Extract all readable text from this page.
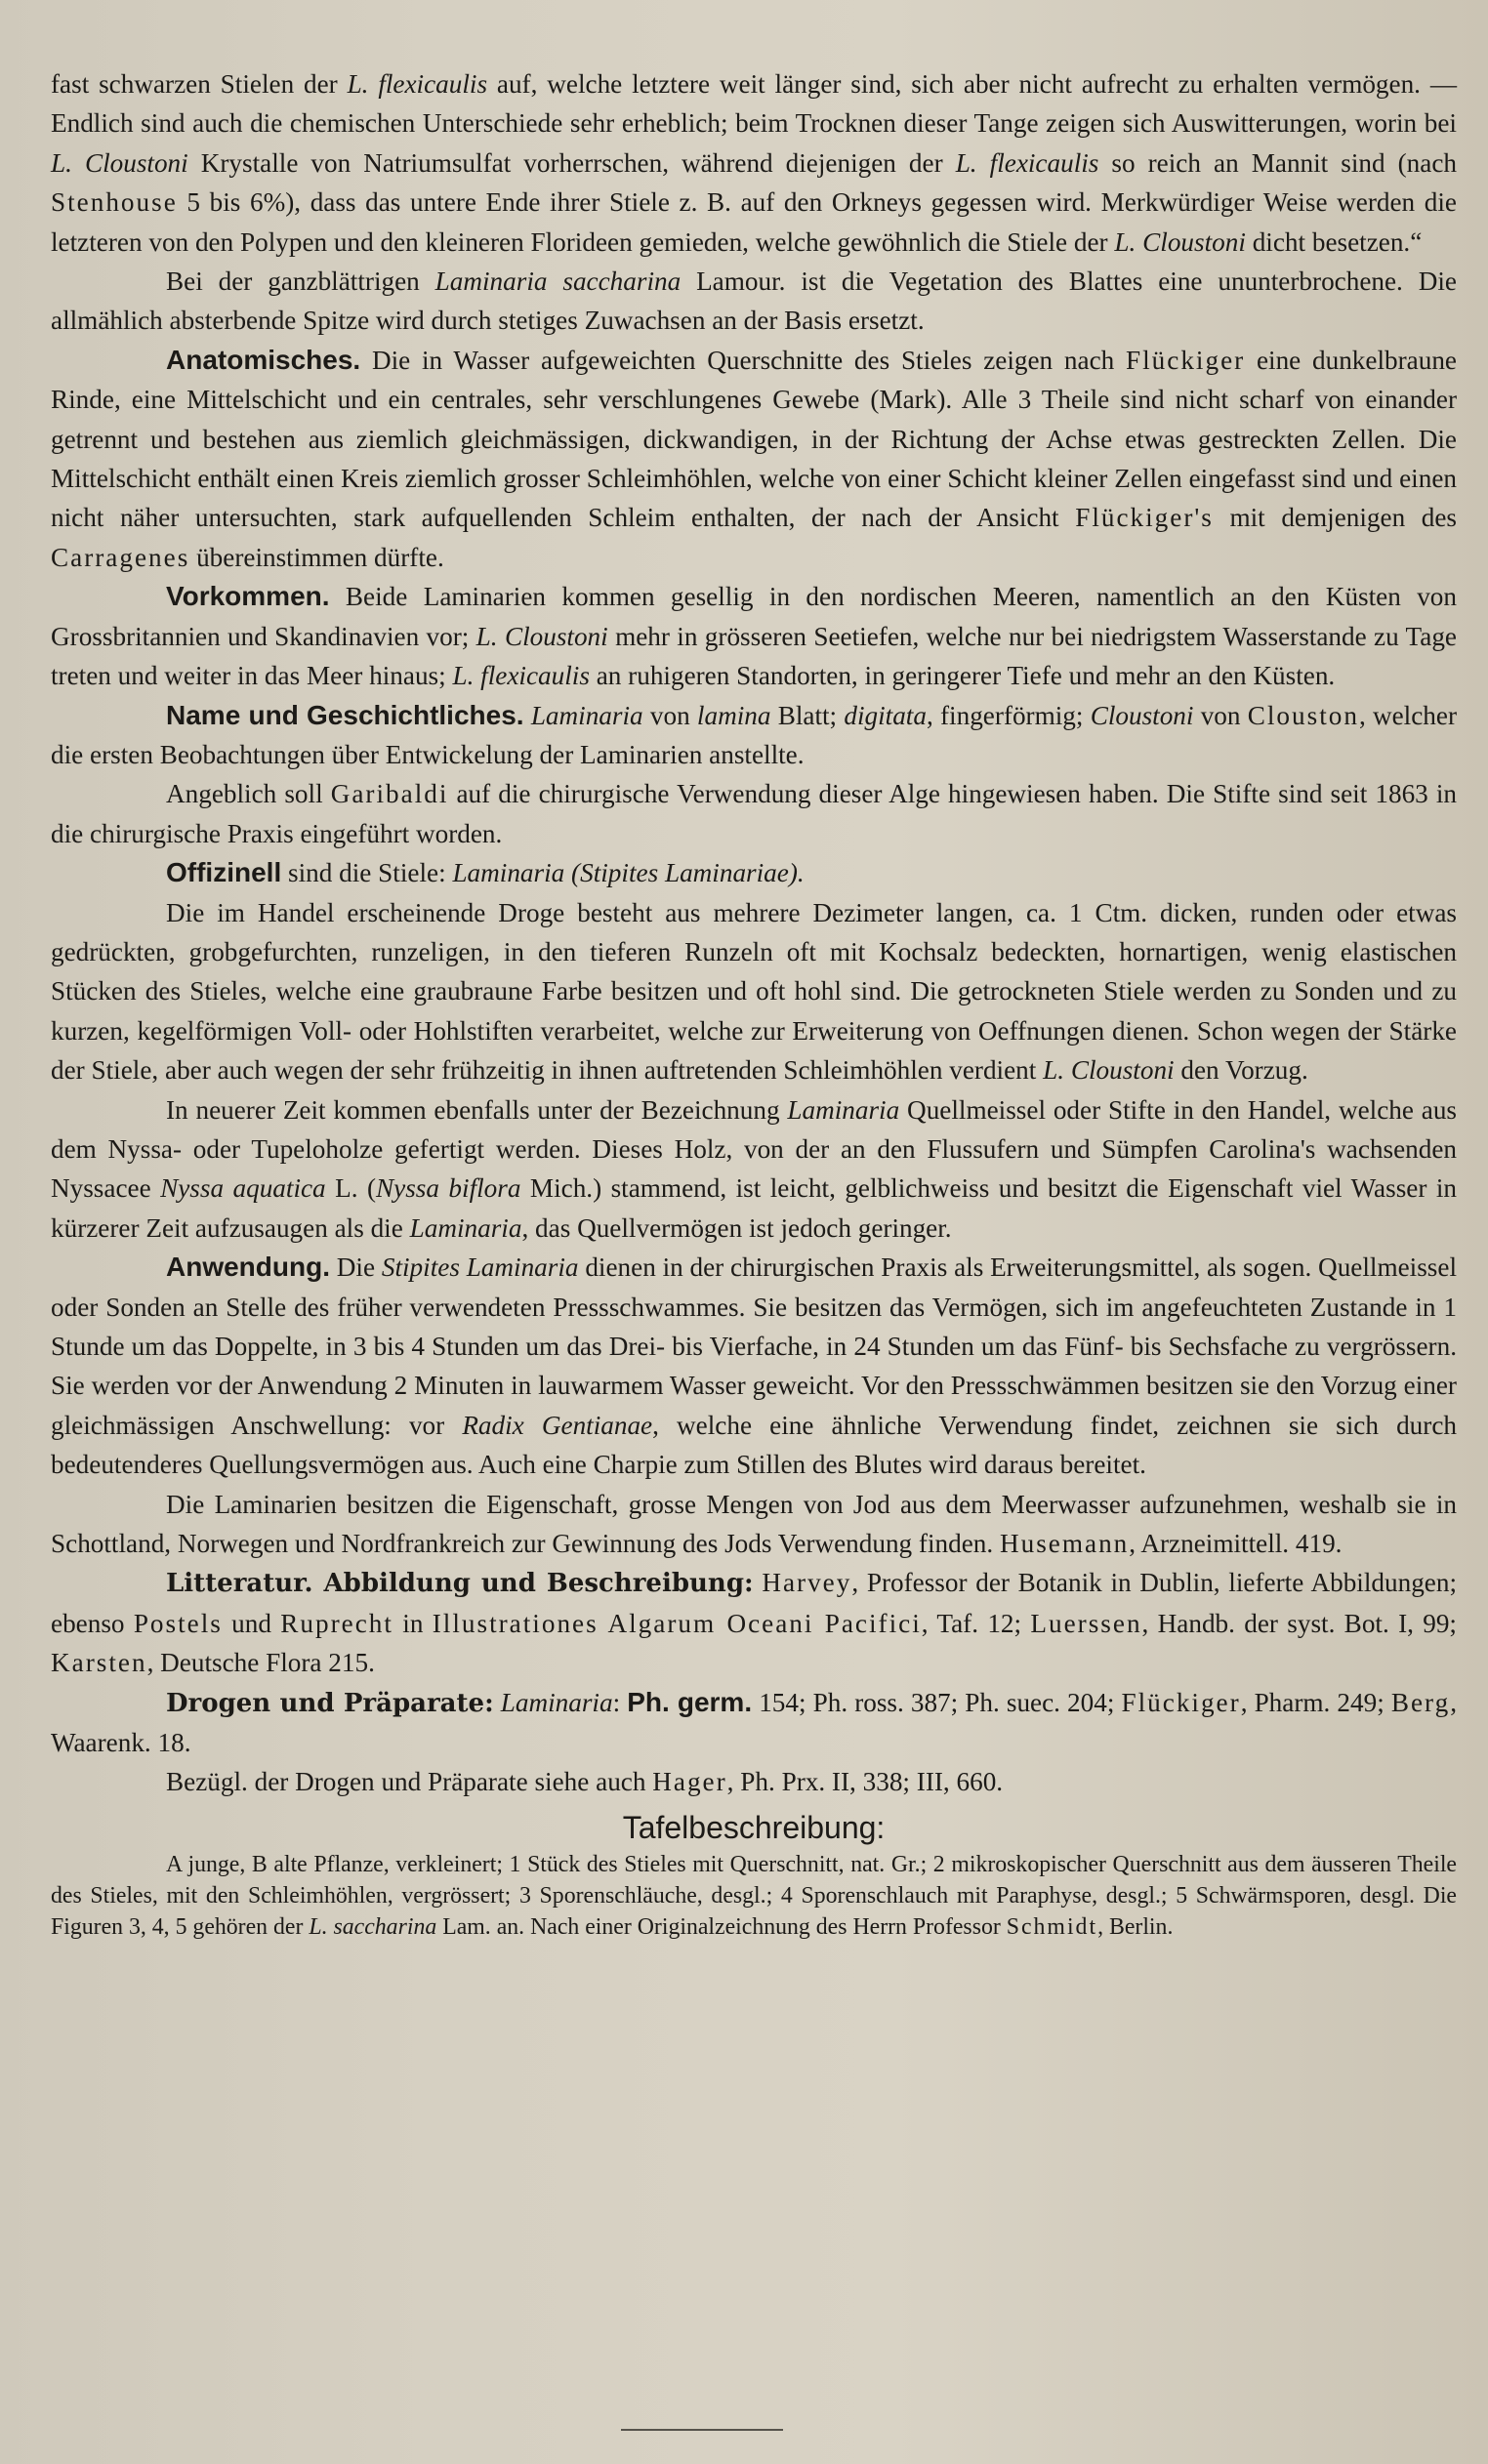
fast schwarzen Stielen der L. flexicaulis auf, welche letztere weit länger sind, sich aber nicht aufrecht zu erhalten vermögen. — Endlich sind auch die chemischen Unterschiede sehr erheblich; beim Trocknen dieser Tange zeigen sich Auswitterungen, worin bei L. Cloustoni Krystalle von Natriumsulfat vorherrschen, während diejenigen der L. flexicaulis so reich an Mannit sind (nach Stenhouse 5 bis 6%), dass das untere Ende ihrer Stiele z. B. auf den Orkneys gegessen wird. Merkwürdiger Weise werden die letzteren von den Polypen und den kleineren Florideen gemieden, welche gewöhnlich die Stiele der L. Cloustoni dicht besetzen.“

Bei der ganzblättrigen Laminaria saccharina Lamour. ist die Vegetation des Blattes eine ununterbrochene. Die allmählich absterbende Spitze wird durch stetiges Zuwachsen an der Basis ersetzt.

Anatomisches. Die in Wasser aufgeweichten Querschnitte des Stieles zeigen nach Flückiger eine dunkelbraune Rinde, eine Mittelschicht und ein centrales, sehr verschlungenes Gewebe (Mark). Alle 3 Theile sind nicht scharf von einander getrennt und bestehen aus ziemlich gleichmässigen, dickwandigen, in der Richtung der Achse etwas gestreckten Zellen. Die Mittelschicht enthält einen Kreis ziemlich grosser Schleimhöhlen, welche von einer Schicht kleiner Zellen eingefasst sind und einen nicht näher untersuchten, stark aufquellenden Schleim enthalten, der nach der Ansicht Flückiger's mit demjenigen des Carragenes übereinstimmen dürfte.

Vorkommen. Beide Laminarien kommen gesellig in den nordischen Meeren, namentlich an den Küsten von Grossbritannien und Skandinavien vor; L. Cloustoni mehr in grösseren Seetiefen, welche nur bei niedrigstem Wasserstande zu Tage treten und weiter in das Meer hinaus; L. flexicaulis an ruhigeren Standorten, in geringerer Tiefe und mehr an den Küsten.

Name und Geschichtliches. Laminaria von lamina Blatt; digitata, fingerförmig; Cloustoni von Clouston, welcher die ersten Beobachtungen über Entwickelung der Laminarien anstellte.

Angeblich soll Garibaldi auf die chirurgische Verwendung dieser Alge hingewiesen haben. Die Stifte sind seit 1863 in die chirurgische Praxis eingeführt worden.

Offizinell sind die Stiele: Laminaria (Stipites Laminariae).

Die im Handel erscheinende Droge besteht aus mehrere Dezimeter langen, ca. 1 Ctm. dicken, runden oder etwas gedrückten, grobgefurchten, runzeligen, in den tieferen Runzeln oft mit Kochsalz bedeckten, hornartigen, wenig elastischen Stücken des Stieles, welche eine graubraune Farbe besitzen und oft hohl sind. Die getrockneten Stiele werden zu Sonden und zu kurzen, kegelförmigen Voll- oder Hohlstiften verarbeitet, welche zur Erweiterung von Oeffnungen dienen. Schon wegen der Stärke der Stiele, aber auch wegen der sehr frühzeitig in ihnen auftretenden Schleimhöhlen verdient L. Cloustoni den Vorzug.

In neuerer Zeit kommen ebenfalls unter der Bezeichnung Laminaria Quellmeissel oder Stifte in den Handel, welche aus dem Nyssa- oder Tupeloholze gefertigt werden. Dieses Holz, von der an den Flussufern und Sümpfen Carolina's wachsenden Nyssacee Nyssa aquatica L. (Nyssa biflora Mich.) stammend, ist leicht, gelblichweiss und besitzt die Eigenschaft viel Wasser in kürzerer Zeit aufzusaugen als die Laminaria, das Quellvermögen ist jedoch geringer.

Anwendung. Die Stipites Laminaria dienen in der chirurgischen Praxis als Erweiterungsmittel, als sogen. Quellmeissel oder Sonden an Stelle des früher verwendeten Pressschwammes. Sie besitzen das Vermögen, sich im angefeuchteten Zustande in 1 Stunde um das Doppelte, in 3 bis 4 Stunden um das Drei- bis Vierfache, in 24 Stunden um das Fünf- bis Sechsfache zu vergrössern. Sie werden vor der Anwendung 2 Minuten in lauwarmem Wasser geweicht. Vor den Pressschwämmen besitzen sie den Vorzug einer gleichmässigen Anschwellung: vor Radix Gentianae, welche eine ähnliche Verwendung findet, zeichnen sie sich durch bedeutenderes Quellungsvermögen aus. Auch eine Charpie zum Stillen des Blutes wird daraus bereitet.

Die Laminarien besitzen die Eigenschaft, grosse Mengen von Jod aus dem Meerwasser aufzunehmen, weshalb sie in Schottland, Norwegen und Nordfrankreich zur Gewinnung des Jods Verwendung finden. Husemann, Arzneimittell. 419.

Litteratur. Abbildung und Beschreibung: Harvey, Professor der Botanik in Dublin, lieferte Abbildungen; ebenso Postels und Ruprecht in Illustrationes Algarum Oceani Pacifici, Taf. 12; Luerssen, Handb. der syst. Bot. I, 99; Karsten, Deutsche Flora 215.

Drogen und Präparate: Laminaria: Ph. germ. 154; Ph. ross. 387; Ph. suec. 204; Flückiger, Pharm. 249; Berg, Waarenk. 18.

Bezügl. der Drogen und Präparate siehe auch Hager, Ph. Prx. II, 338; III, 660.

Tafelbeschreibung:

A junge, B alte Pflanze, verkleinert; 1 Stück des Stieles mit Querschnitt, nat. Gr.; 2 mikroskopischer Querschnitt aus dem äusseren Theile des Stieles, mit den Schleimhöhlen, vergrössert; 3 Sporenschläuche, desgl.; 4 Sporenschlauch mit Paraphyse, desgl.; 5 Schwärmsporen, desgl. Die Figuren 3, 4, 5 gehören der L. saccharina Lam. an. Nach einer Originalzeichnung des Herrn Professor Schmidt, Berlin.
